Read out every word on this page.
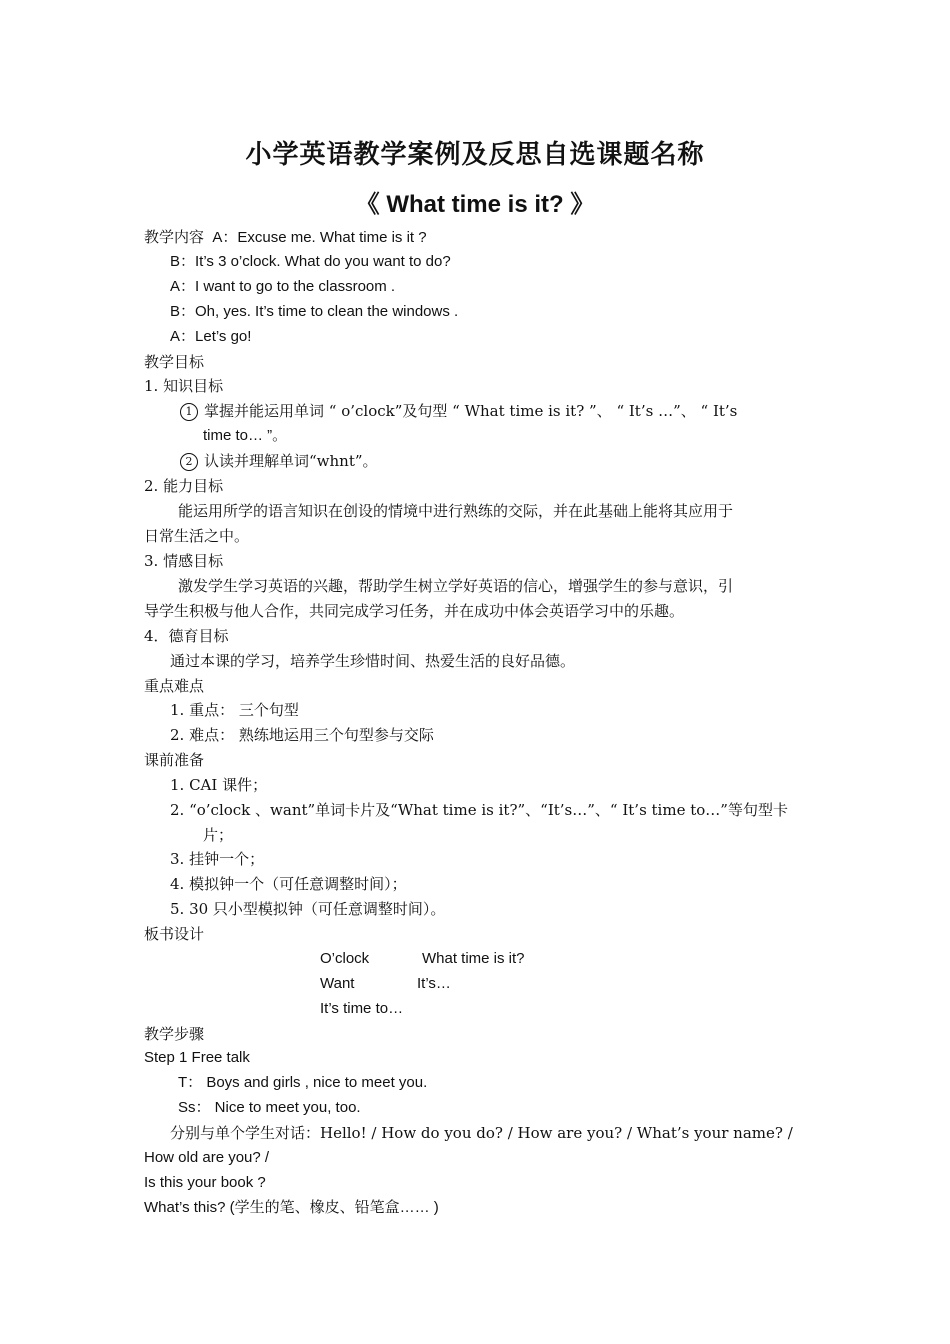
小学英语教学案例及反思自选课题名称
《 What time is it? 》
教学内容 A：Excuse me. What time is it ?
B：It’s 3 o’clock. What do you want to do?
A：I want to go to the classroom .
B：Oh, yes. It’s time to clean the windows .
A：Let’s go!
教学目标
1. 知识目标
1 掌握并能运用单词 “ o’clock”及句型 “ What time is it? ”、 “ It’s …”、 “ It’s
time to… ”。
2 认读并理解单词“whnt”。
2. 能力目标
能运用所学的语言知识在创设的情境中进行熟练的交际，并在此基础上能将其应用于
日常生活之中。
3. 情感目标
激发学生学习英语的兴趣，帮助学生树立学好英语的信心，增强学生的参与意识，引
导学生积极与他人合作，共同完成学习任务，并在成功中体会英语学习中的乐趣。
4．德育目标
通过本课的学习，培养学生珍惜时间、热爱生活的良好品德。
重点难点
1. 重点： 三个句型
2. 难点： 熟练地运用三个句型参与交际
课前准备
1. CAI 课件；
2. “o’clock 、want”单词卡片及“What time is it?”、“It’s…”、“ It’s time to…”等句型卡
片；
3. 挂钟一个；
4. 模拟钟一个（可任意调整时间）；
5. 30 只小型模拟钟（可任意调整时间）。
板书设计
O’clock	What time is it?
Want	It’s…
It’s time to…
教学步骤
Step 1 Free talk
T： Boys and girls , nice to meet you.
Ss： Nice to meet you, too.
分别与单个学生对话：Hello! / How do you do? / How are you? / What’s your name? /
How old are you? /
Is this your book ?
What’s this? (学生的笔、橡皮、铅笔盒…… )
